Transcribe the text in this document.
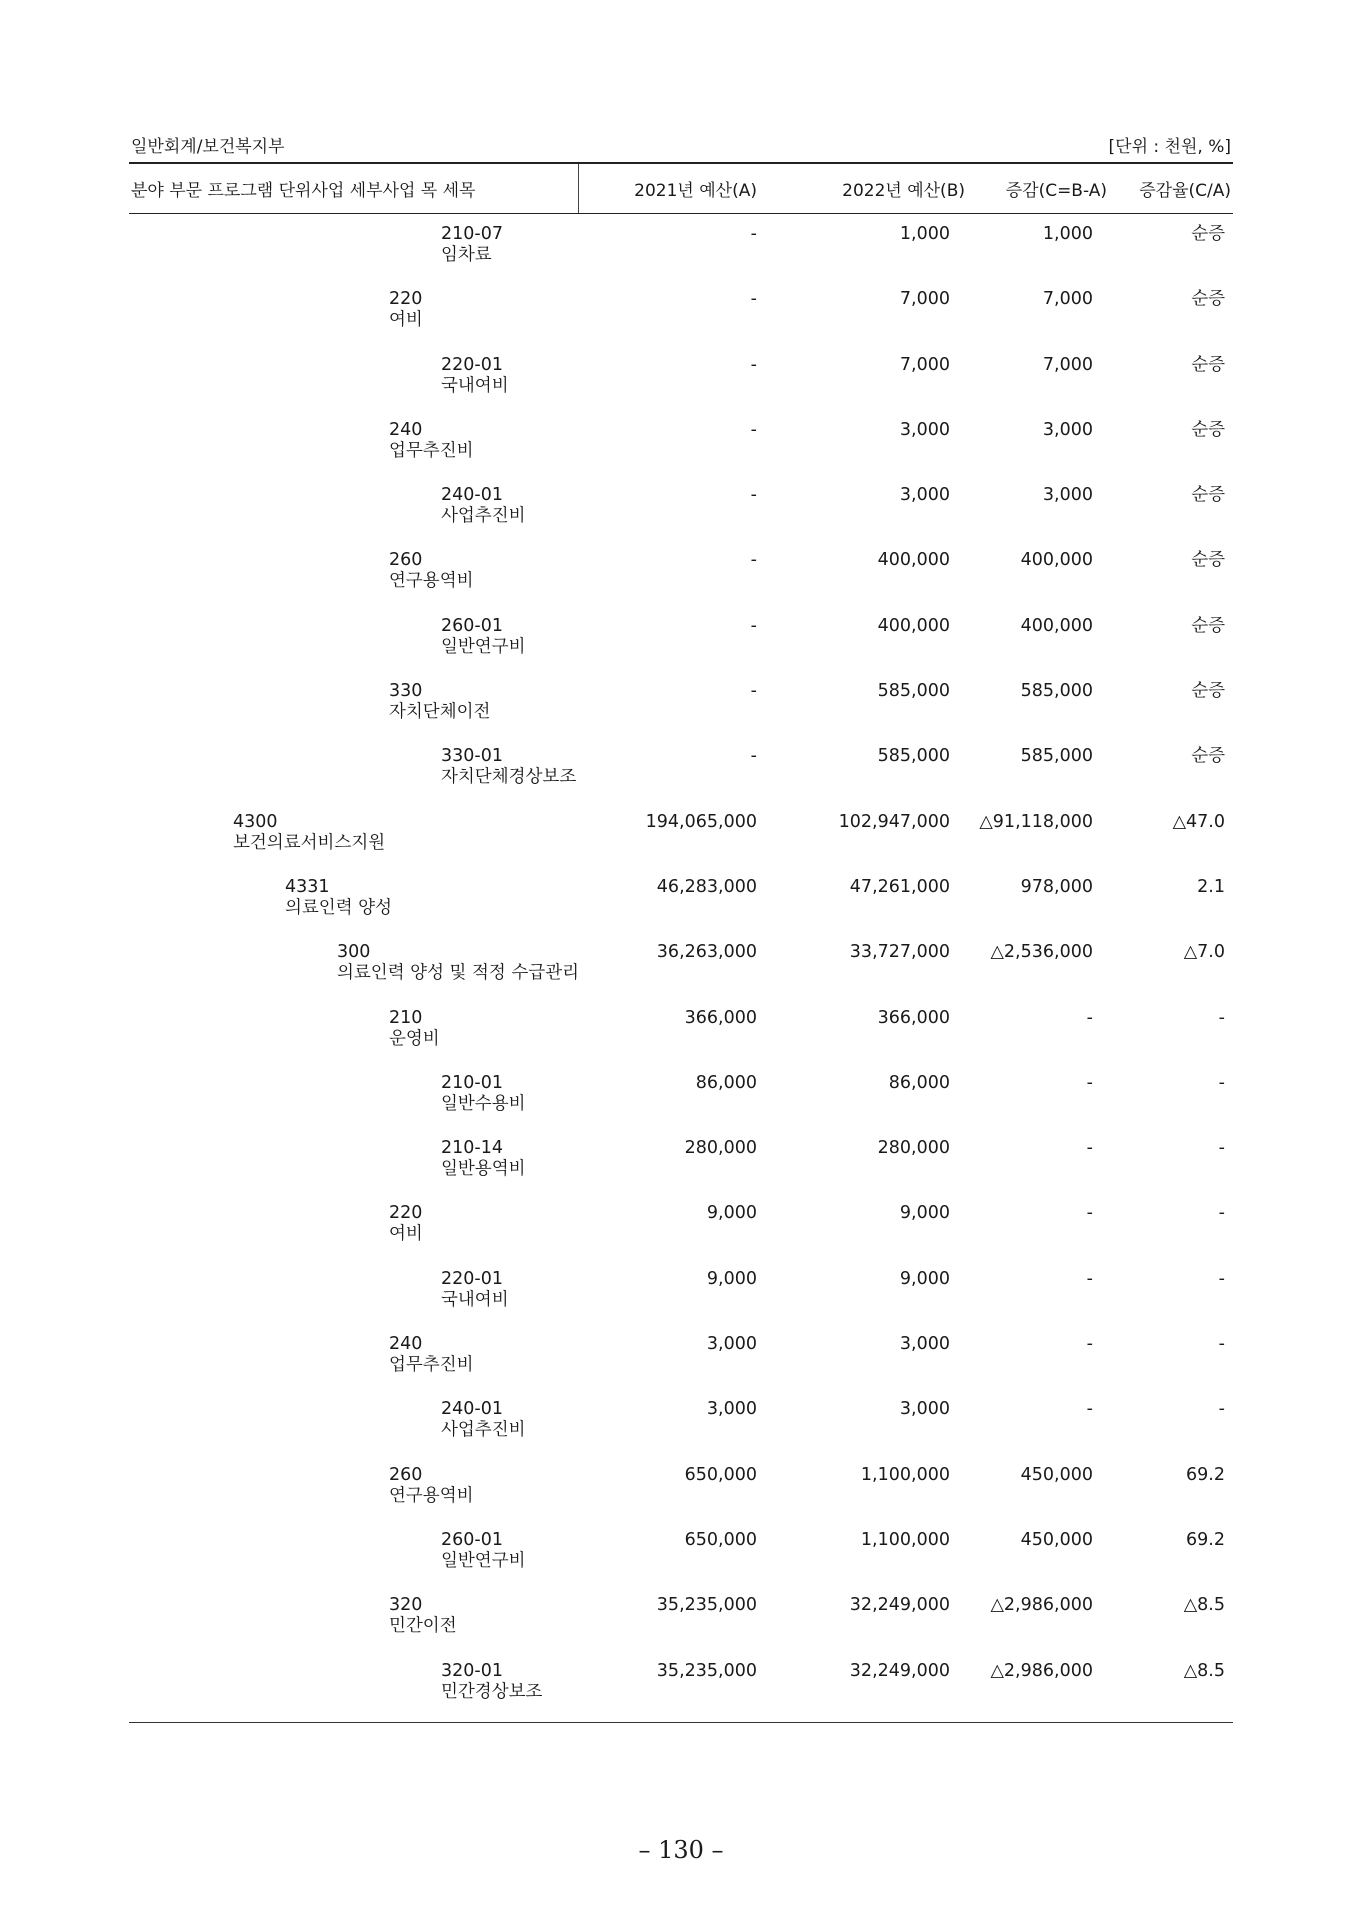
일반회계/보건복지부	[단위 : 천원, %]
분야 부문 프로그램 단위사업 세부사업 목 세목	2021년 예산(A)	2022년 예산(B) 증감(C=B-A) 증감율(C/A)
210-07
임차료
-	1,000	1,000	순증
220
여비
-	7,000	7,000	순증
220-01
국내여비
-	7,000	7,000	순증
240
업무추진비
-	3,000	3,000	순증
240-01
사업추진비
-	3,000	3,000	순증
260
연구용역비
-	400,000	400,000	순증
260-01
일반연구비
-	400,000	400,000	순증
330
자치단체이전
-	585,000	585,000	순증
330-01
자치단체경상보조
-	585,000	585,000	순증
4300
보건의료서비스지원
194,065,000	102,947,000 △91,118,000	△47.0
4331
의료인력 양성
46,283,000	47,261,000	978,000	2.1
300
의료인력 양성 및 적정 수급관리
36,263,000	33,727,000 △2,536,000	△7.0
210
운영비
366,000	366,000	-	-
210-01
일반수용비
86,000	86,000	-	-
210-14
일반용역비
280,000	280,000	-	-
220
여비
9,000	9,000	-	-
220-01
국내여비
9,000	9,000	-	-
240
업무추진비
3,000	3,000	-	-
240-01
사업추진비
3,000	3,000	-	-
260
연구용역비
650,000	1,100,000	450,000	69.2
260-01
일반연구비
650,000	1,100,000	450,000	69.2
320
민간이전
35,235,000	32,249,000 △2,986,000	△8.5
320-01
민간경상보조
35,235,000	32,249,000 △2,986,000	△8.5
– 130 –
